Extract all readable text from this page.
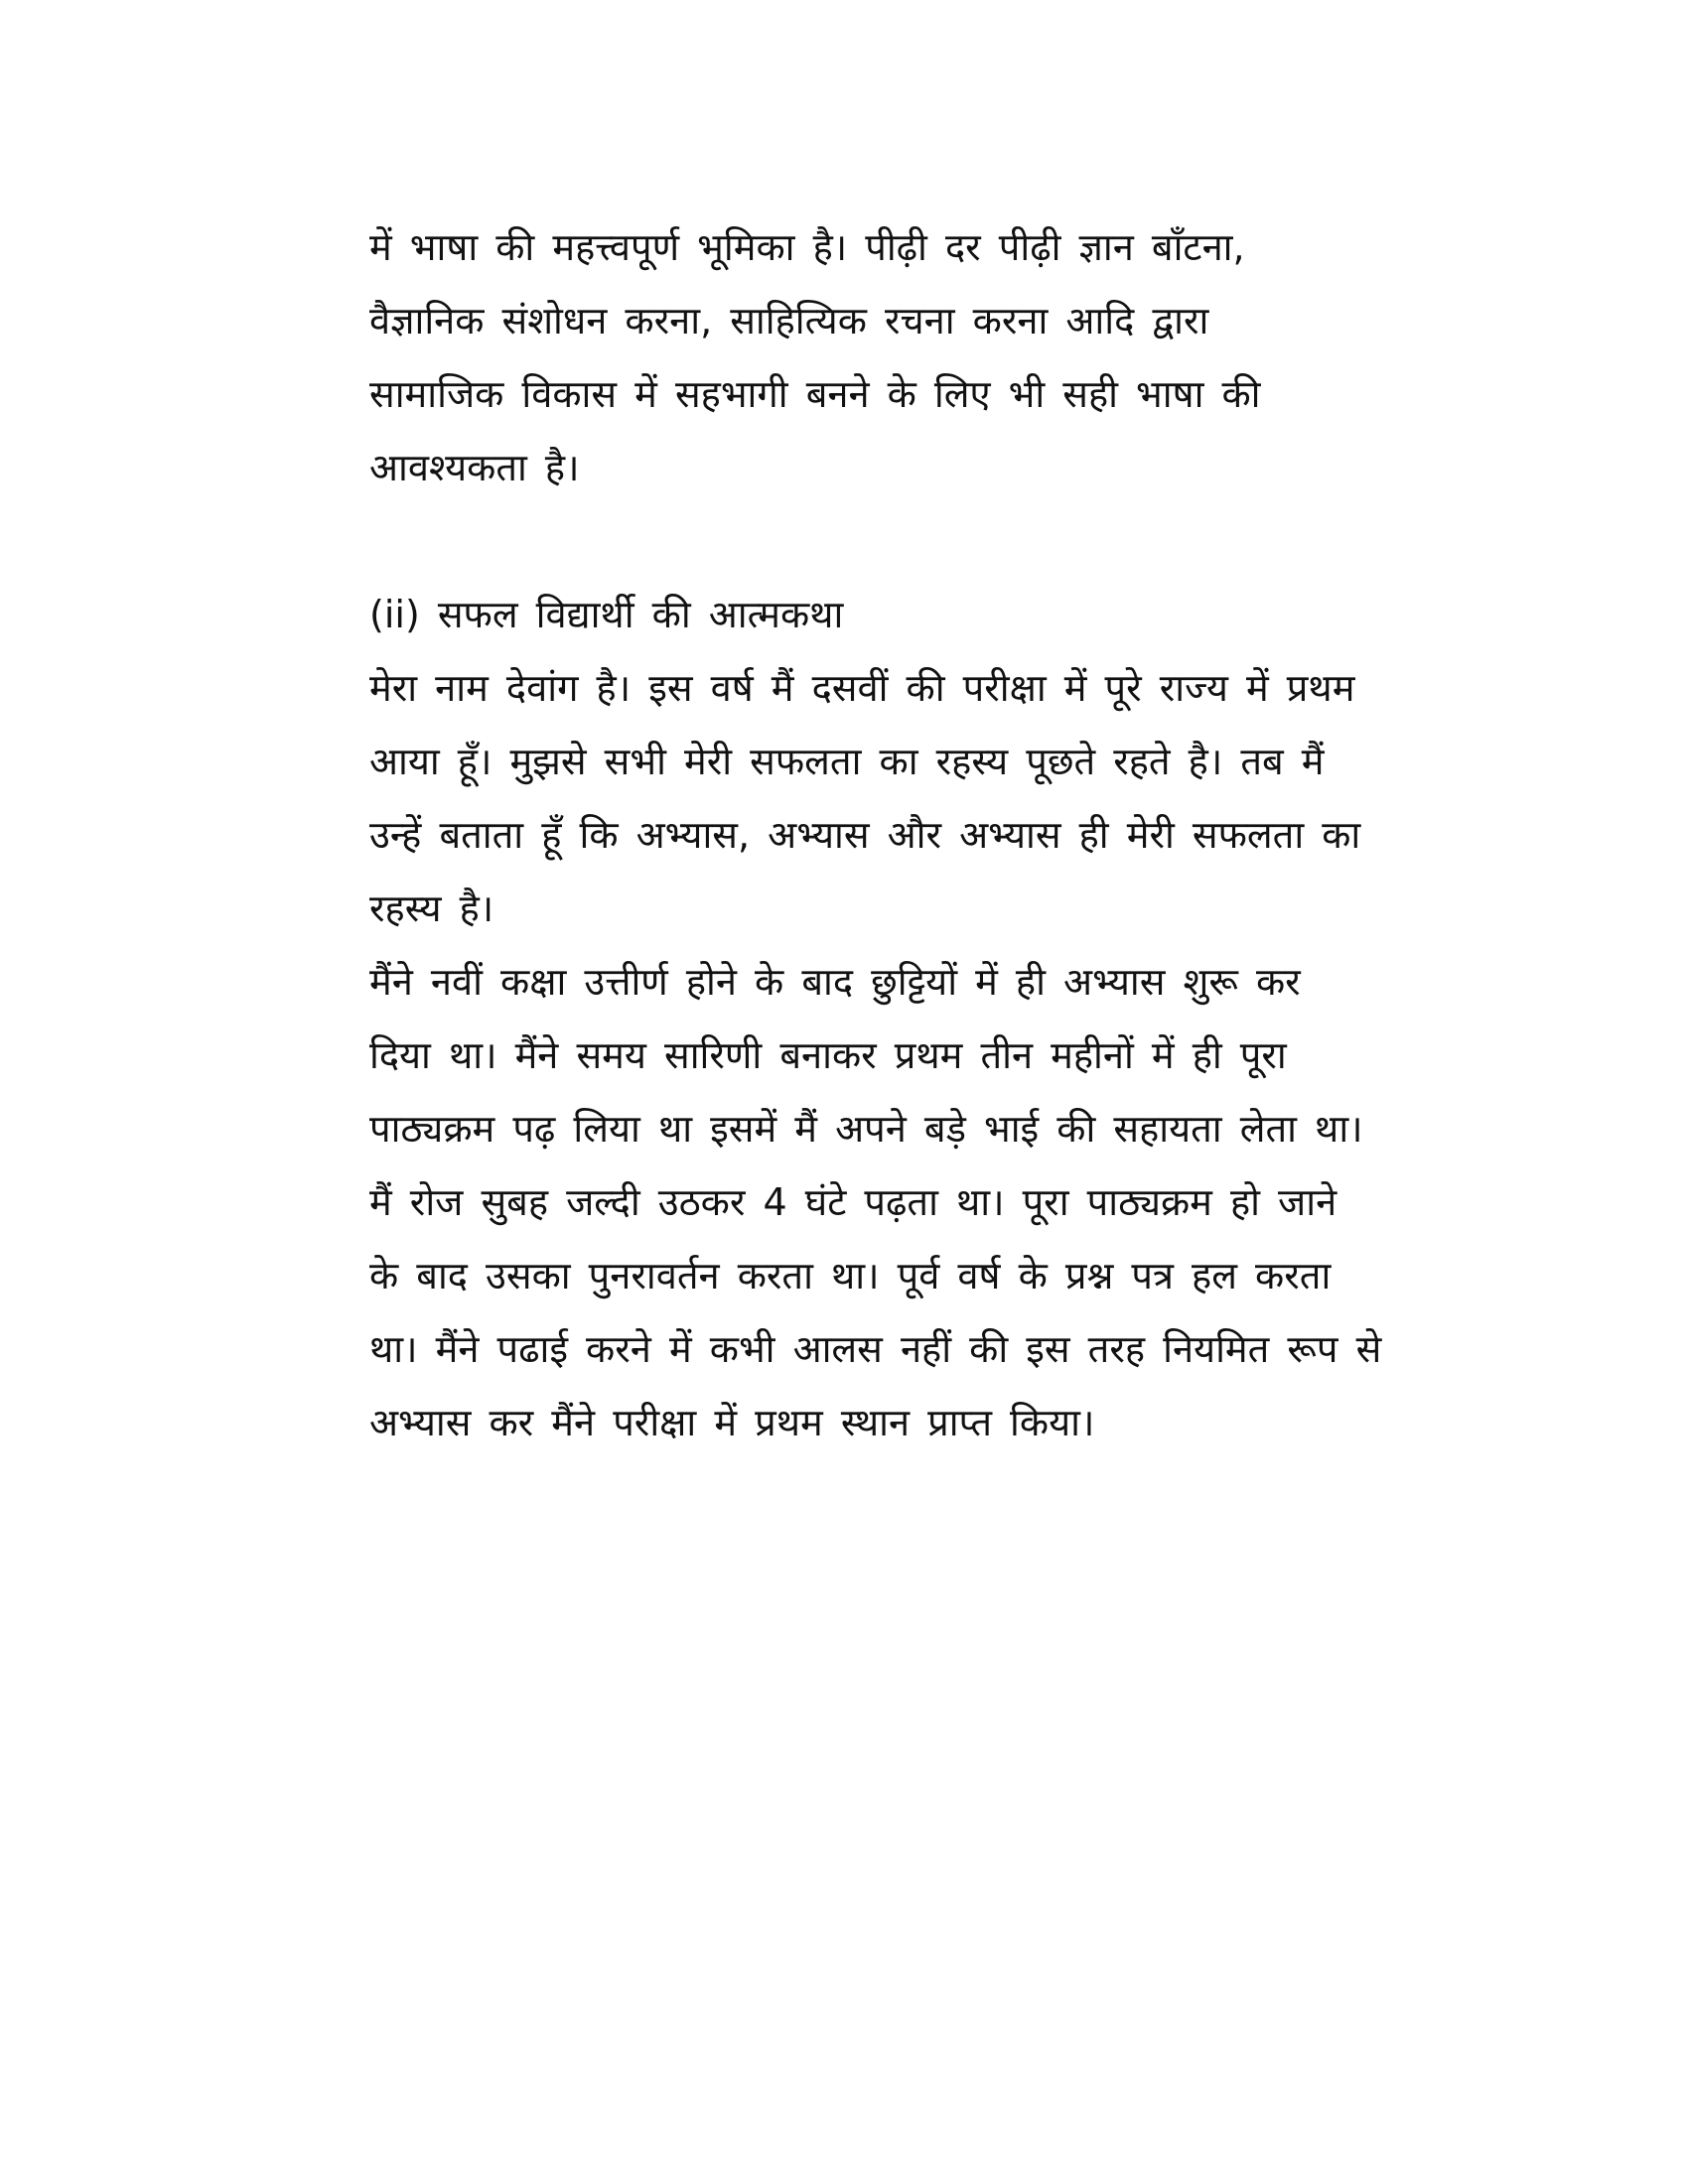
में भाषा की महत्त्वपूर्ण भूमिका है। पीढ़ी दर पीढ़ी ज्ञान बाँटना,
वैज्ञानिक संशोधन करना, साहित्यिक रचना करना आदि द्वारा
सामाजिक विकास में सहभागी बनने के लिए भी सही भाषा की
आवश्यकता है।
(ii) सफल विद्यार्थी की आत्मकथा
मेरा नाम देवांग है। इस वर्ष मैं दसवीं की परीक्षा में पूरे राज्य में प्रथम
आया हूँ। मुझसे सभी मेरी सफलता का रहस्य पूछते रहते है। तब मैं
उन्हें बताता हूँ कि अभ्यास, अभ्यास और अभ्यास ही मेरी सफलता का
रहस्य है।
मैंने नवीं कक्षा उत्तीर्ण होने के बाद छुट्टियों में ही अभ्यास शुरू कर
दिया था। मैंने समय सारिणी बनाकर प्रथम तीन महीनों में ही पूरा
पाठ्यक्रम पढ़ लिया था इसमें मैं अपने बड़े भाई की सहायता लेता था।
मैं रोज सुबह जल्दी उठकर 4 घंटे पढ़ता था। पूरा पाठ्यक्रम हो जाने
के बाद उसका पुनरावर्तन करता था। पूर्व वर्ष के प्रश्न पत्र हल करता
था। मैंने पढाई करने में कभी आलस नहीं की इस तरह नियमित रूप से
अभ्यास कर मैंने परीक्षा में प्रथम स्थान प्राप्त किया।
